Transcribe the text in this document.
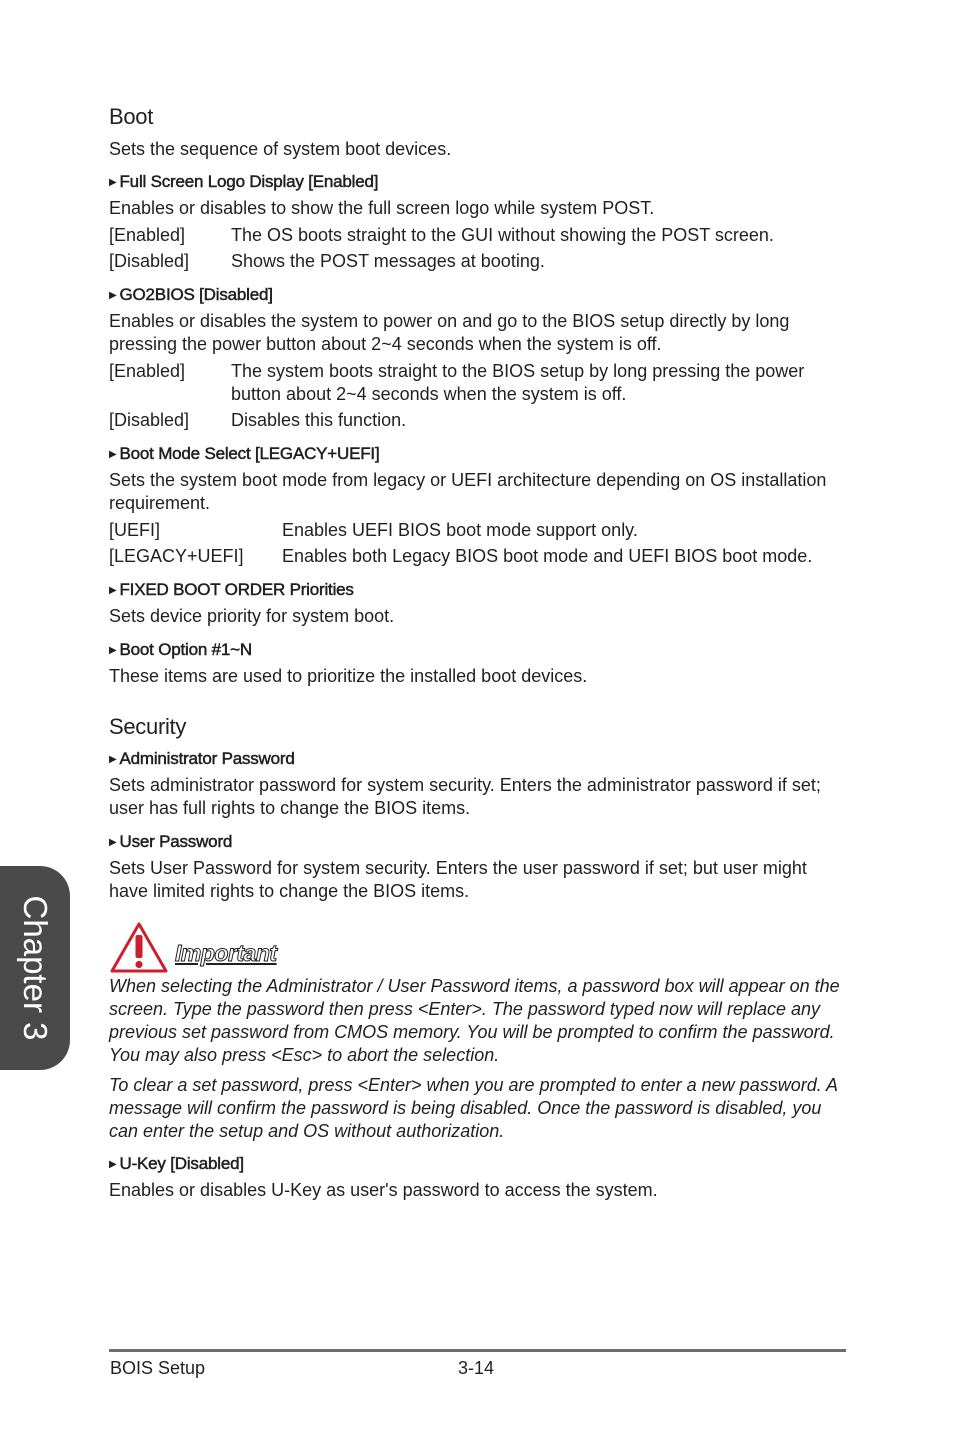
Chapter 3
Boot

Sets the sequence of system boot devices.

▶ Full Screen Logo Display [Enabled]

Enables or disables to show the full screen logo while system POST.

[Enabled]	The OS boots straight to the GUI without showing the POST screen.
[Disabled]	Shows the POST messages at booting.
▶ GO2BIOS [Disabled]

Enables or disables the system to power on and go to the BIOS setup directly by long pressing the power button about 2~4 seconds when the system is off.

[Enabled]	The system boots straight to the BIOS setup by long pressing the power button about 2~4 seconds when the system is off.
[Disabled]	Disables this function.
▶ Boot Mode Select [LEGACY+UEFI]

Sets the system boot mode from legacy or UEFI architecture depending on OS installation requirement.

[UEFI]	Enables UEFI BIOS boot mode support only.
[LEGACY+UEFI]	Enables both Legacy BIOS boot mode and UEFI BIOS boot mode.
▶ FIXED BOOT ORDER Priorities

Sets device priority for system boot.

▶ Boot Option #1~N

These items are used to prioritize the installed boot devices.

Security
▶ Administrator Password

Sets administrator password for system security. Enters the administrator password if set; user has full rights to change the BIOS items.

▶ User Password

Sets User Password for system security. Enters the user password if set; but user might have limited rights to change the BIOS items.

Important

When selecting the Administrator / User Password items, a password box will appear on the screen. Type the password then press <Enter>. The password typed now will replace any previous set password from CMOS memory. You will be prompted to confirm the password. You may also press <Esc> to abort the selection.

To clear a set password, press <Enter> when you are prompted to enter a new password. A message will confirm the password is being disabled. Once the password is disabled, you can enter the setup and OS without authorization.

▶ U-Key [Disabled]

Enables or disables U-Key as user's password to access the system.

BOIS Setup	3-14
